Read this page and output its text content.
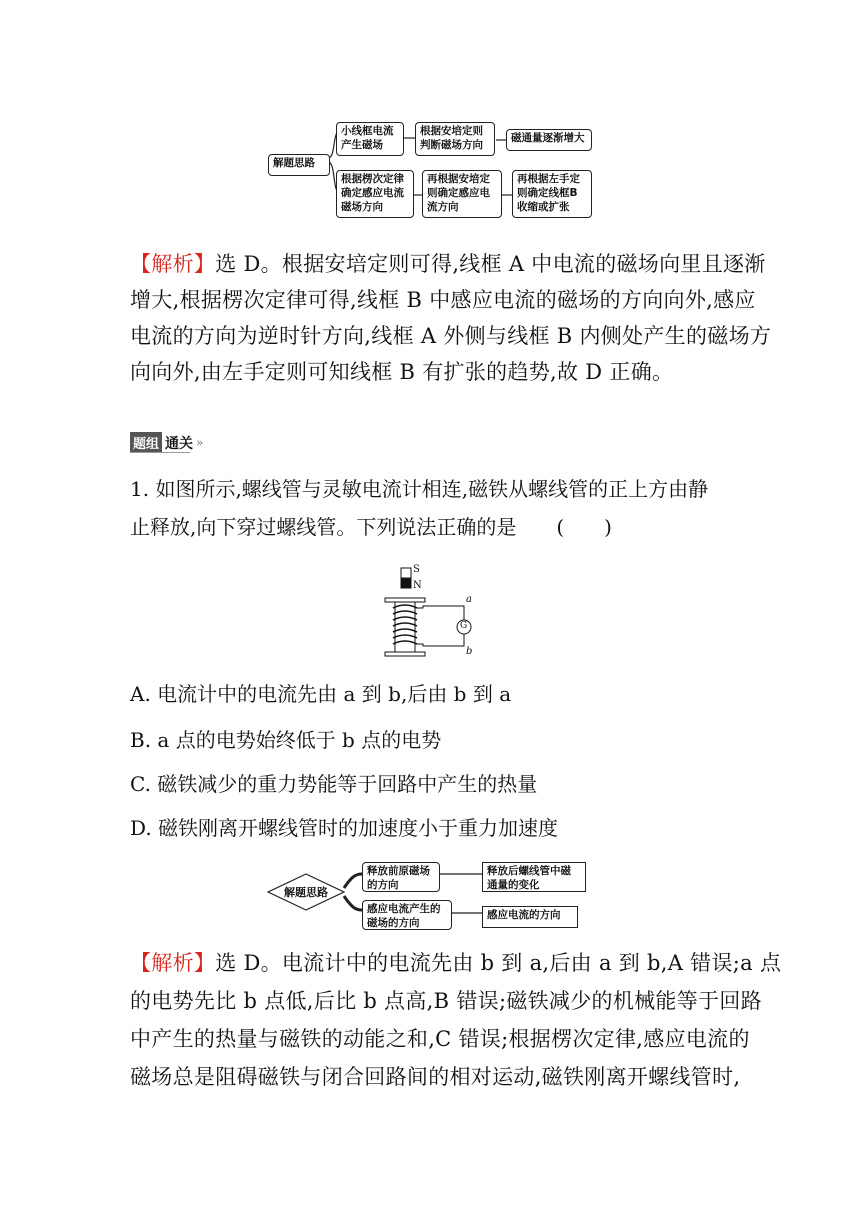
解题思路
小线框电流
产生磁场
根据安培定则
判断磁场方向
磁通量逐渐增大
根据楞次定律
确定感应电流
磁场方向
再根据安培定
则确定感应电
流方向
再根据左手定
则确定线框B
收缩或扩张
【解析】选 D。根据安培定则可得,线框 A 中电流的磁场向里且逐渐
增大,根据楞次定律可得,线框 B 中感应电流的磁场的方向向外,感应
电流的方向为逆时针方向,线框 A 外侧与线框 B 内侧处产生的磁场方
向向外,由左手定则可知线框 B 有扩张的趋势,故 D 正确。
题组 通关 »
1. 如图所示,螺线管与灵敏电流计相连,磁铁从螺线管的正上方由静
止释放,向下穿过螺线管。下列说法正确的是　　(　　)
S
N
a
b
G
A. 电流计中的电流先由 a 到 b,后由 b 到 a
B. a 点的电势始终低于 b 点的电势
C. 磁铁减少的重力势能等于回路中产生的热量
D. 磁铁刚离开螺线管时的加速度小于重力加速度
解题思路
释放前原磁场
的方向
释放后螺线管中磁
通量的变化
感应电流产生的
磁场的方向
感应电流的方向
【解析】选 D。电流计中的电流先由 b 到 a,后由 a 到 b,A 错误;a 点
的电势先比 b 点低,后比 b 点高,B 错误;磁铁减少的机械能等于回路
中产生的热量与磁铁的动能之和,C 错误;根据楞次定律,感应电流的
磁场总是阻碍磁铁与闭合回路间的相对运动,磁铁刚离开螺线管时,
